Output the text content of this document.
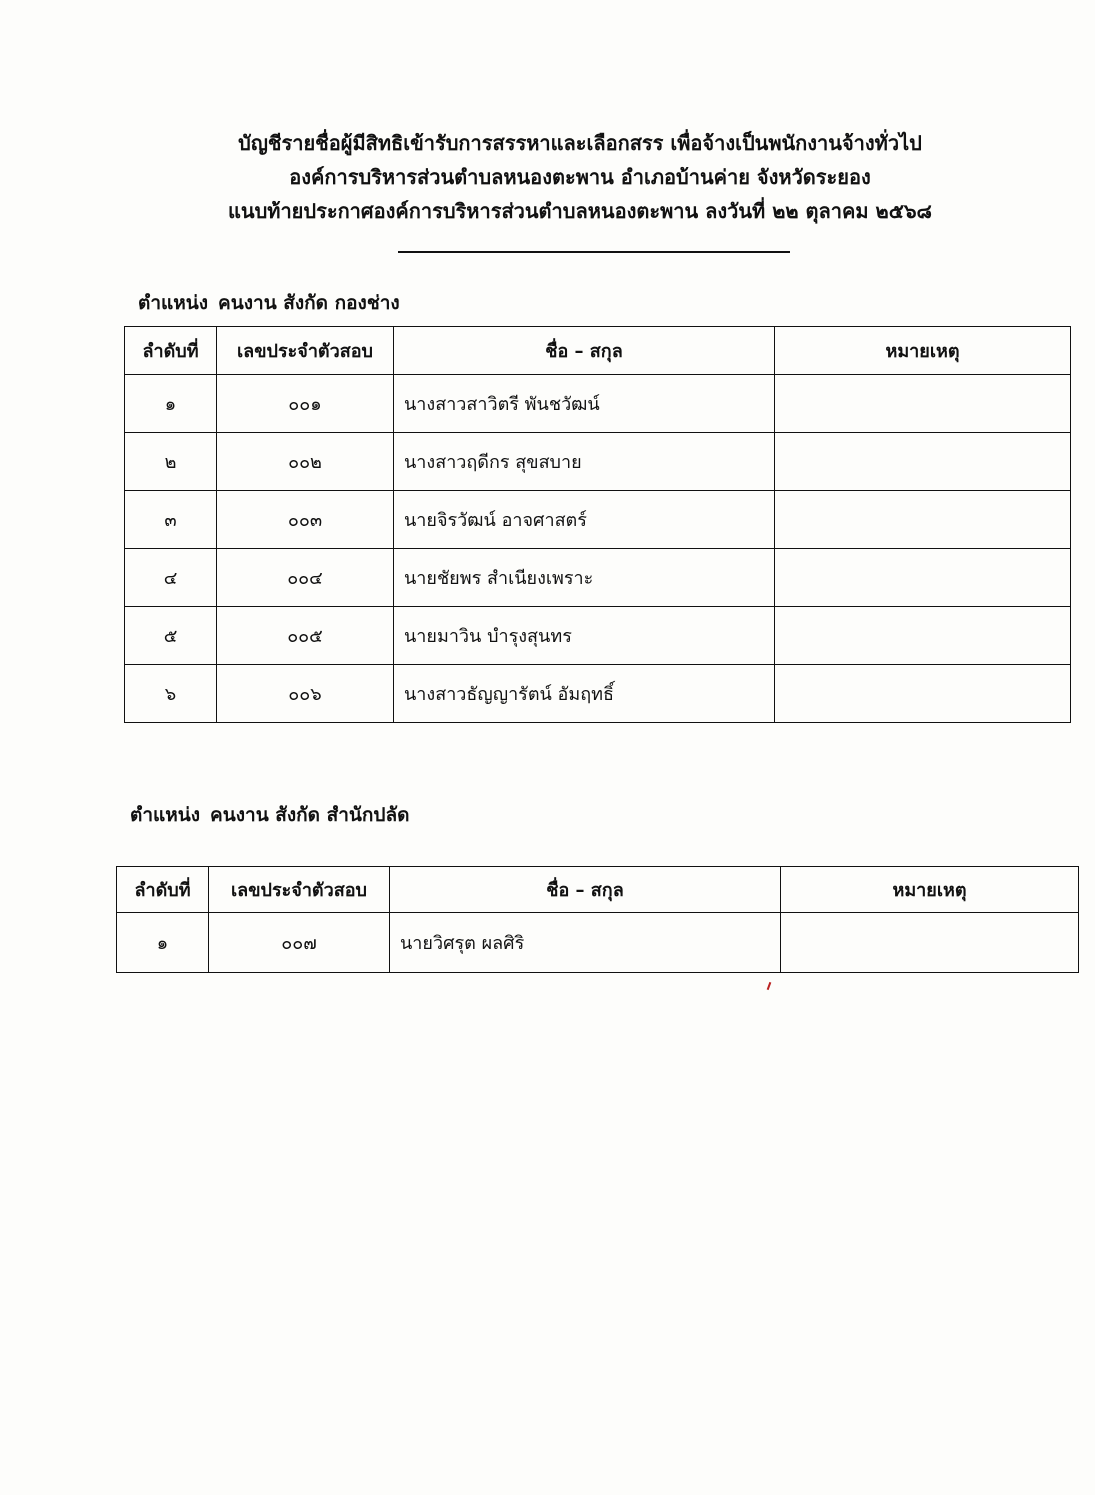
บัญชีรายชื่อผู้มีสิทธิเข้ารับการสรรหาและเลือกสรร เพื่อจ้างเป็นพนักงานจ้างทั่วไป
องค์การบริหารส่วนตำบลหนองตะพาน อำเภอบ้านค่าย จังหวัดระยอง
แนบท้ายประกาศองค์การบริหารส่วนตำบลหนองตะพาน ลงวันที่ ๒๒ ตุลาคม ๒๕๖๘
ตำแหน่ง คนงาน สังกัด กองช่าง
ลำดับที่	เลขประจำตัวสอบ	ชื่อ – สกุล	หมายเหตุ
๑	๐๐๑	นางสาวสาวิตรี พันชวัฒน์	
๒	๐๐๒	นางสาวฤดีกร สุขสบาย	
๓	๐๐๓	นายจิรวัฒน์ อาจศาสตร์	
๔	๐๐๔	นายชัยพร สำเนียงเพราะ	
๕	๐๐๕	นายมาวิน บำรุงสุนทร	
๖	๐๐๖	นางสาวธัญญารัตน์ อัมฤทธิ์	
ตำแหน่ง คนงาน สังกัด สำนักปลัด
ลำดับที่	เลขประจำตัวสอบ	ชื่อ – สกุล	หมายเหตุ
๑	๐๐๗	นายวิศรุต ผลศิริ	
